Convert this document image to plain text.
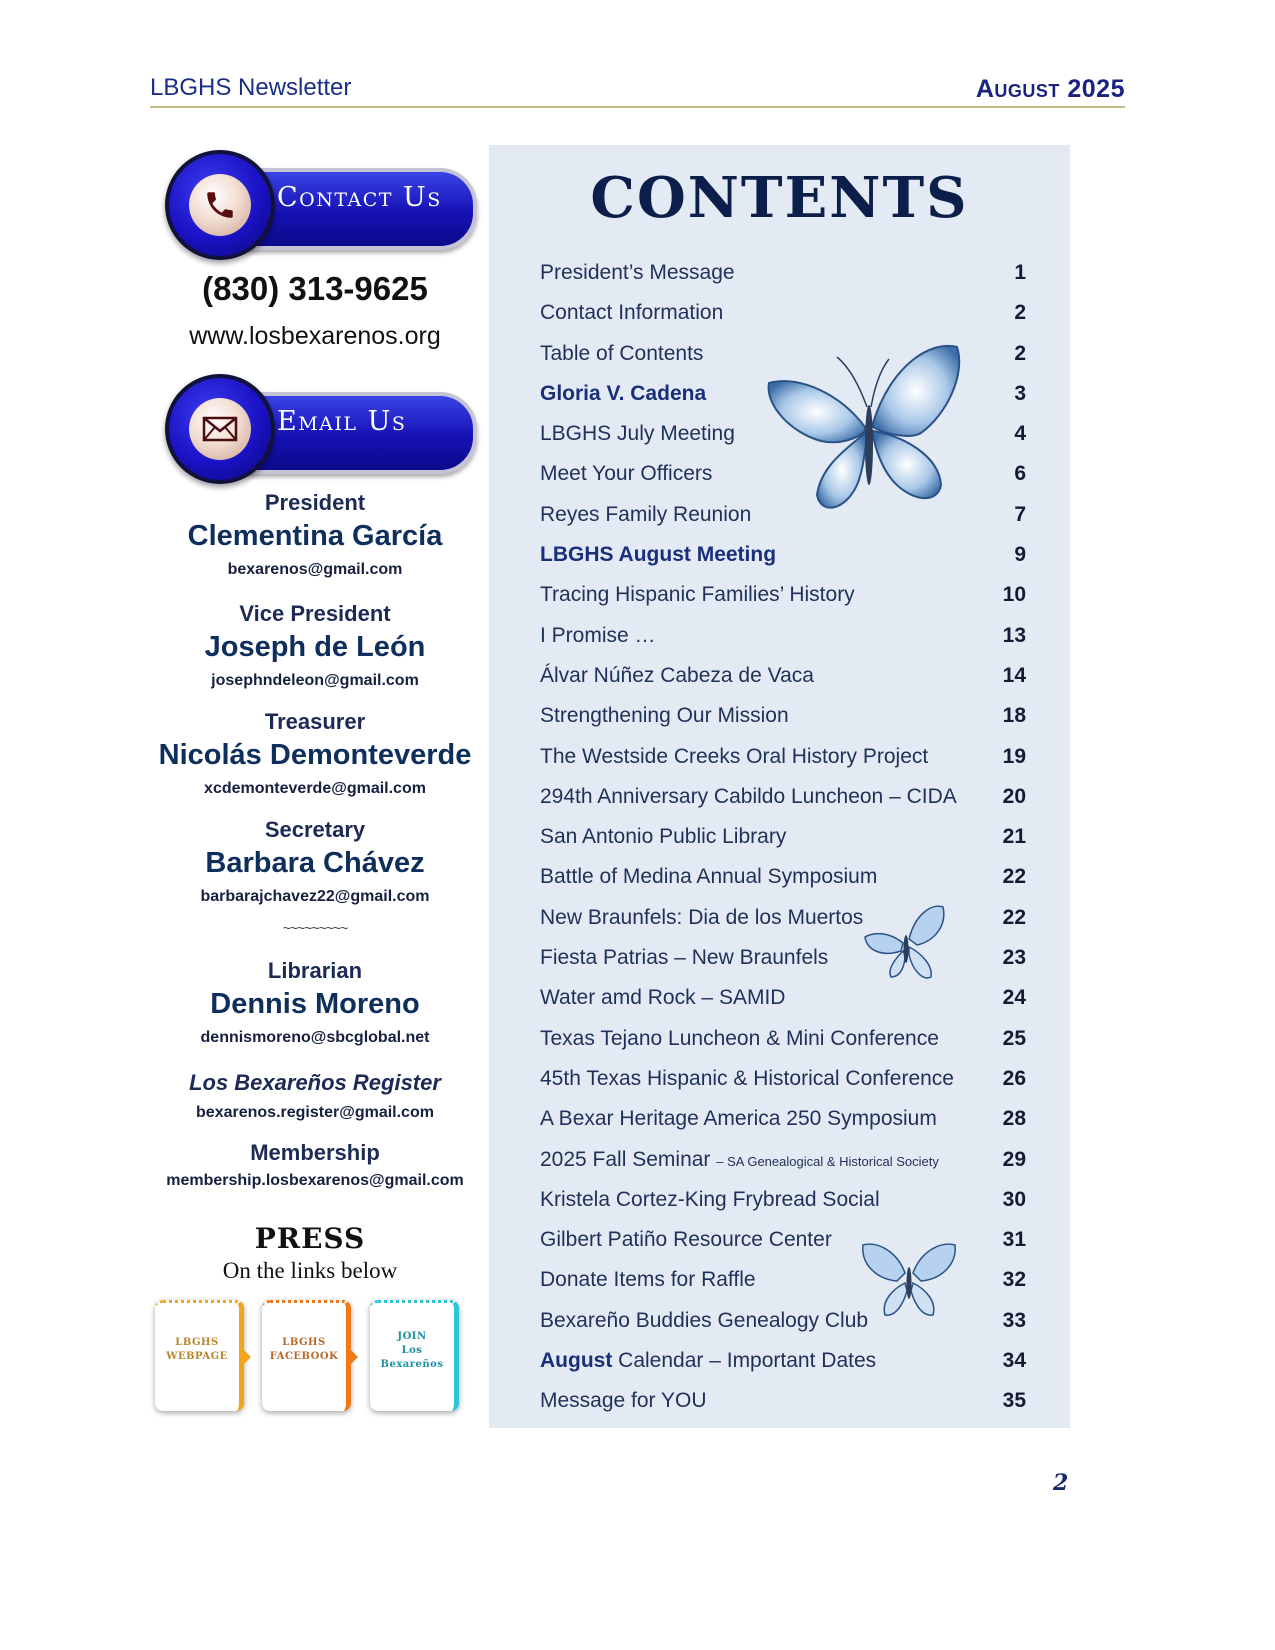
LBGHS Newsletter	August 2025
Contact Us
(830) 313-9625
www.losbexarenos.org
Email Us
President
Clementina García
bexarenos@gmail.com
Vice President
Joseph de León
josephndeleon@gmail.com
Treasurer
Nicolás Demonteverde
xcdemonteverde@gmail.com
Secretary
Barbara Chávez
barbarajchavez22@gmail.com
~~~~~~~~~
Librarian
Dennis Moreno
dennismoreno@sbcglobal.net
Los Bexareños Register
bexarenos.register@gmail.com
Membership
membership.losbexarenos@gmail.com
PRESS
On the links below
LBGHS
WEBPAGE
LBGHS
FACEBOOK
JOIN
Los
Bexareños
CONTENTS
President’s Message	1
Contact Information	2
Table of Contents	2
Gloria V. Cadena	3
LBGHS July Meeting	4
Meet Your Officers	6
Reyes Family Reunion	7
LBGHS August Meeting	9
Tracing Hispanic Families’ History	10
I Promise …	13
Álvar Núñez Cabeza de Vaca	14
Strengthening Our Mission	18
The Westside Creeks Oral History Project	19
294th Anniversary Cabildo Luncheon – CIDA 20
San Antonio Public Library	21
Battle of Medina Annual Symposium	22
New Braunfels: Dia de los Muertos	22
Fiesta Patrias – New Braunfels	23
Water amd Rock – SAMID	24
Texas Tejano Luncheon & Mini Conference	25
45th Texas Hispanic & Historical Conference 26
A Bexar Heritage America 250 Symposium	28
2025 Fall Seminar – SA Genealogical & Historical Society	29
Kristela Cortez-King Frybread Social	30
Gilbert Patiño Resource Center	31
Donate Items for Raffle	32
Bexareño Buddies Genealogy Club	33
August Calendar – Important Dates	34
Message for YOU	35
2
